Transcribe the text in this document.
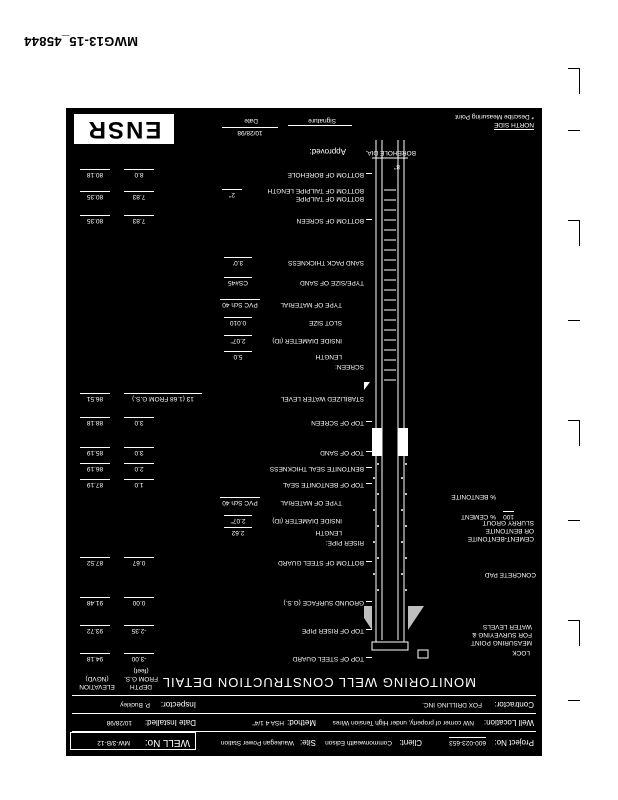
MWG13-15_45844
Project No:
600-023-653
Client:
Commonwealth Edison
Site:
Waukegan Power Station
WELL No:
MW-3/B-12
Well Location:
NW corner of property, under High Tension Wires
Method:
HSA 4 1/4"
Date Installed:
10/28/98
Contractor:
FOX DRILLING INC.
Inspector:
P. Buckley
MONITORING WELL CONSTRUCTION DETAIL
DEPTH FROM G.S. (feet)
ELEVATION (NGVD)
LOCK
MEASURING POINT FOR SURVEYING & WATER LEVELS
CONCRETE PAD
CEMENT-BENTONITE OR BENTONITE SLURRY GROUT
100
% CEMENT
% BENTONITE
8"
BOREHOLE DIA.
NORTH SIDE
* Describe Measuring Point
TOP OF STEEL GUARD
-3.00
94.18
TOP OF RISER PIPE
-2.35
93.72
GROUND SURFACE (G.S.)
0.00
91.48
BOTTOM OF STEEL GUARD
0.67
87.52
RISER PIPE:
LENGTH
2.62
INSIDE DIAMETER (ID)
2.07"
TYPE OF MATERIAL
PVC Sch 40
TOP OF BENTONITE SEAL
1.0
87.19
BENTONITE SEAL THICKNESS
2.0
86.19
TOP OF SAND
3.0
85.19
TOP OF SCREEN
3.0
88.18
STABILIZED WATER LEVEL
13 (1.68 FROM G.S.)
86.51
SCREEN:
LENGTH
5.0
INSIDE DIAMETER (ID)
2.07"
SLOT SIZE
0.010
TYPE OF MATERIAL
PVC Sch 40
TYPE/SIZE OF SAND
CS#45
SAND PACK THICKNESS
3.0'
BOTTOM OF SCREEN
7.83
80.35
BOTTOM OF TAILPIPE
BOTTOM OF TAILPIPE LENGTH
2"
7.83
80.35
BOTTOM OF BOREHOLE
8.0
80.18
Approved:
10/28/98
Signature
Date
ENSR
